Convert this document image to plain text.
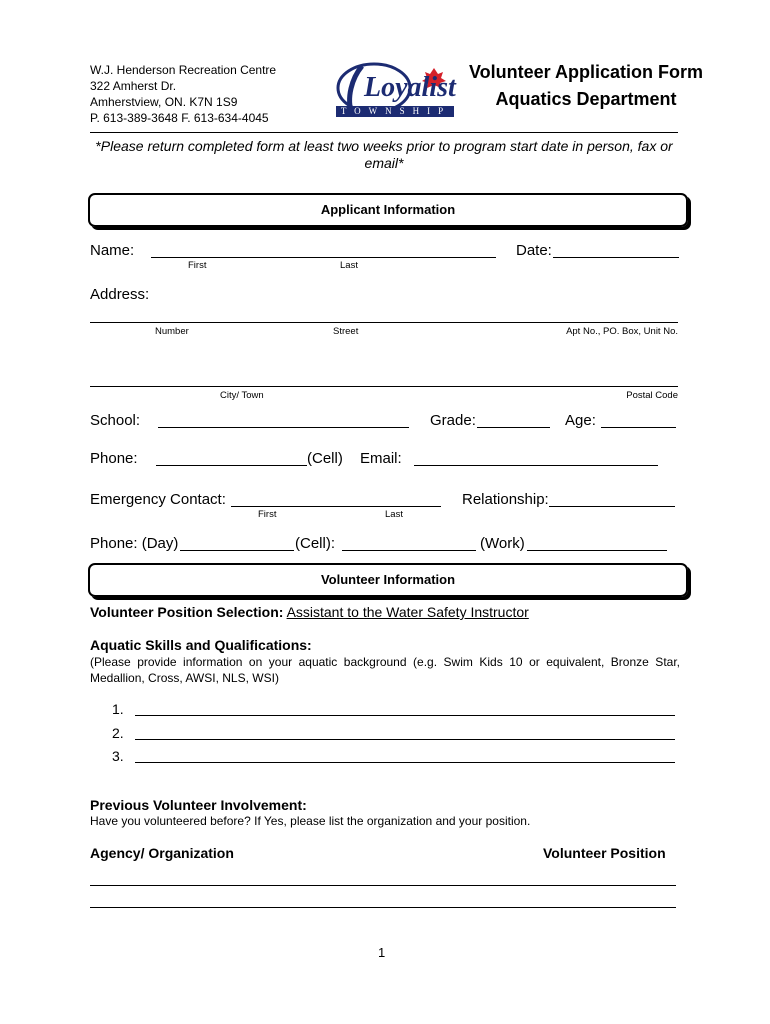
W.J. Henderson Recreation Centre
322 Amherst Dr.
Amherstview, ON. K7N 1S9
P. 613-389-3648 F. 613-634-4045
Loyalist
TOWNSHIP
Volunteer Application Form
Aquatics Department
*Please return completed form at least two weeks prior to program start date in person, fax or email*
Applicant Information
Name:
First	Last
Date:
Address:
Number	Street	Apt No., PO. Box, Unit No.
City/ Town	Postal Code
School:	Grade:	Age:
Phone:	(Cell) Email:
Emergency Contact:
First	Last
Relationship:
Phone: (Day)	(Cell):	(Work)
Volunteer Information
Volunteer Position Selection: Assistant to the Water Safety Instructor
Aquatic Skills and Qualifications:
(Please provide information on your aquatic background (e.g. Swim Kids 10 or equivalent, Bronze Star, Medallion, Cross, AWSI, NLS, WSI)
1.
2.
3.
Previous Volunteer Involvement:
Have you volunteered before? If Yes, please list the organization and your position.
Agency/ Organization	Volunteer Position
1
